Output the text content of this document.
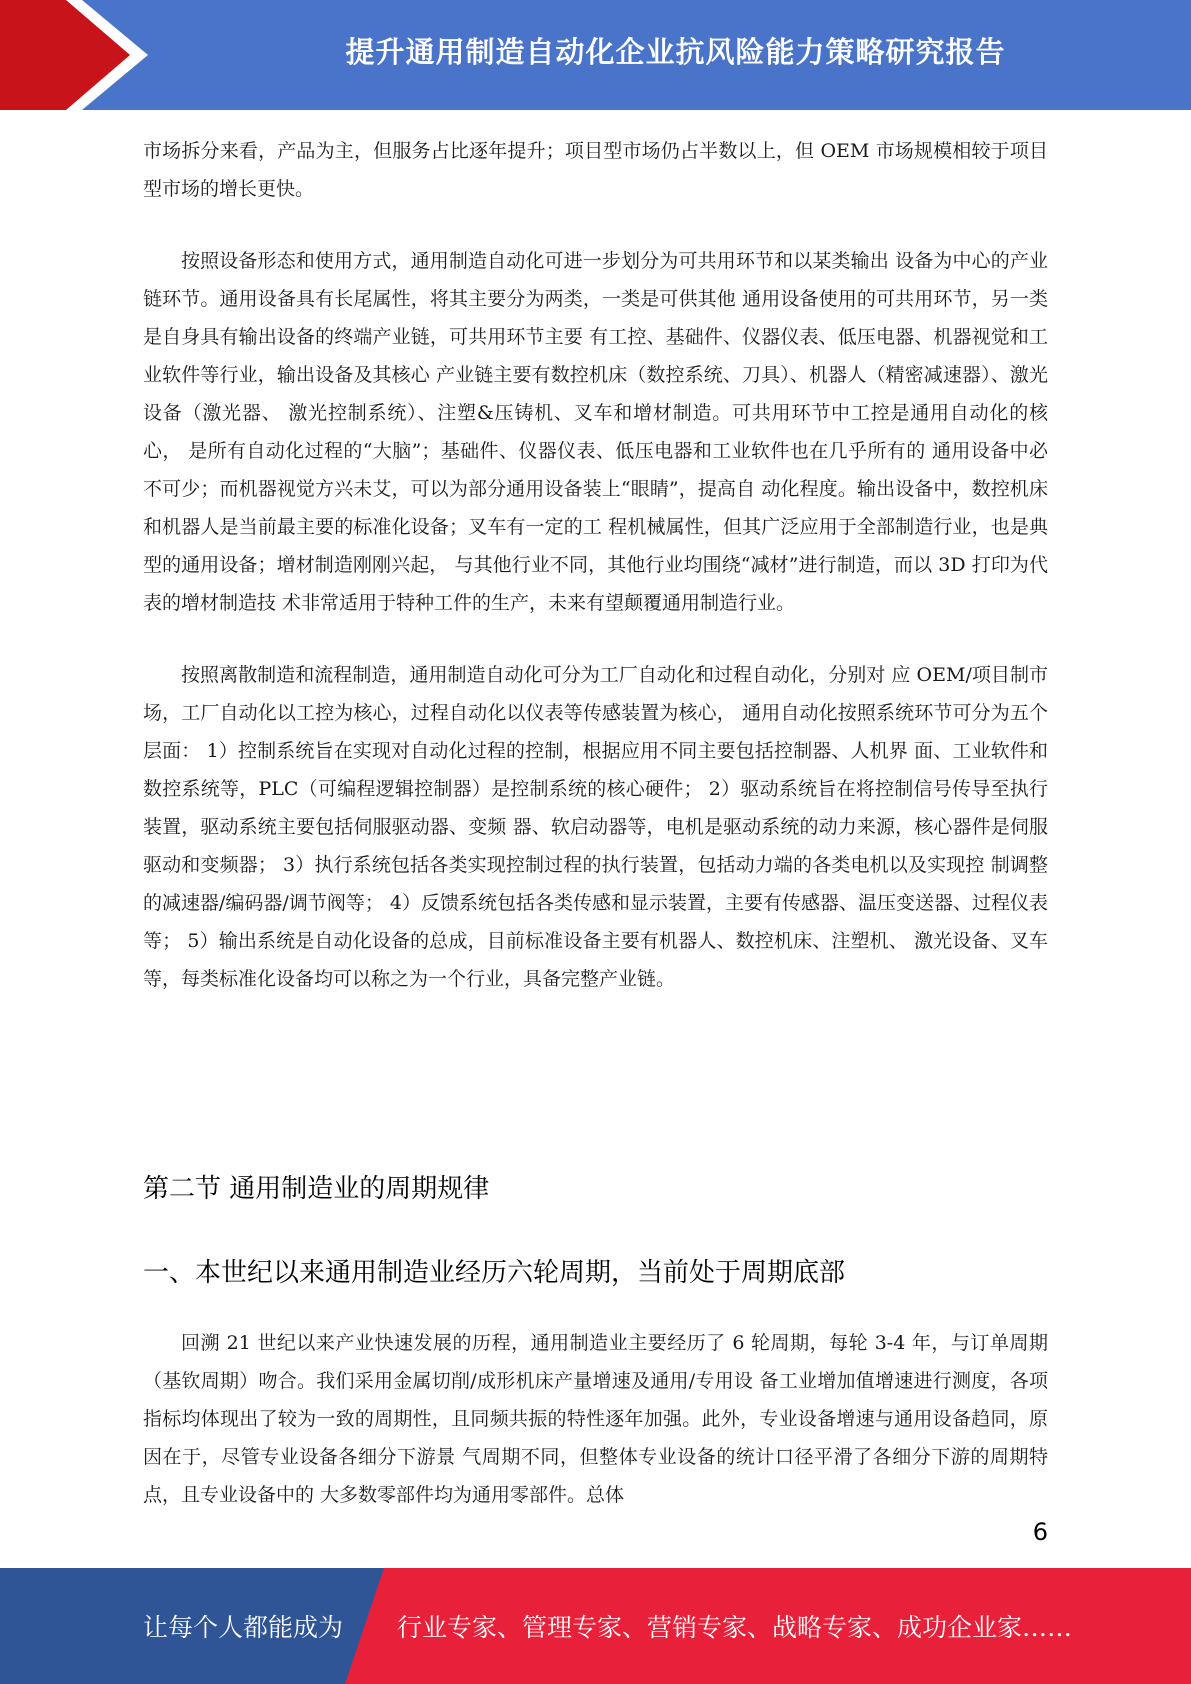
提升通用制造自动化企业抗风险能力策略研究报告

市场拆分来看，产品为主，但服务占比逐年提升；项目型市场仍占半数以上，但 OEM 市场规模相较于项目型市场的增长更快。

按照设备形态和使用方式，通用制造自动化可进一步划分为可共用环节和以某类输出 设备为中心的产业链环节。通用设备具有长尾属性，将其主要分为两类，一类是可供其他 通用设备使用的可共用环节，另一类是自身具有输出设备的终端产业链，可共用环节主要 有工控、基础件、仪器仪表、低压电器、机器视觉和工业软件等行业，输出设备及其核心 产业链主要有数控机床（数控系统、刀具）、机器人（精密减速器）、激光设备（激光器、 激光控制系统）、注塑&压铸机、叉车和增材制造。可共用环节中工控是通用自动化的核心， 是所有自动化过程的“大脑”；基础件、仪器仪表、低压电器和工业软件也在几乎所有的 通用设备中必不可少；而机器视觉方兴未艾，可以为部分通用设备装上“眼睛”，提高自 动化程度。输出设备中，数控机床和机器人是当前最主要的标准化设备；叉车有一定的工 程机械属性，但其广泛应用于全部制造行业，也是典型的通用设备；增材制造刚刚兴起， 与其他行业不同，其他行业均围绕“减材”进行制造，而以 3D 打印为代表的增材制造技 术非常适用于特种工件的生产，未来有望颠覆通用制造行业。

按照离散制造和流程制造，通用制造自动化可分为工厂自动化和过程自动化，分别对 应 OEM/项目制市场，工厂自动化以工控为核心，过程自动化以仪表等传感装置为核心， 通用自动化按照系统环节可分为五个层面： 1）控制系统旨在实现对自动化过程的控制，根据应用不同主要包括控制器、人机界 面、工业软件和数控系统等，PLC（可编程逻辑控制器）是控制系统的核心硬件； 2）驱动系统旨在将控制信号传导至执行装置，驱动系统主要包括伺服驱动器、变频 器、软启动器等，电机是驱动系统的动力来源，核心器件是伺服驱动和变频器； 3）执行系统包括各类实现控制过程的执行装置，包括动力端的各类电机以及实现控 制调整的减速器/编码器/调节阀等； 4）反馈系统包括各类传感和显示装置，主要有传感器、温压变送器、过程仪表等； 5）输出系统是自动化设备的总成，目前标准设备主要有机器人、数控机床、注塑机、 激光设备、叉车等，每类标准化设备均可以称之为一个行业，具备完整产业链。

第二节 通用制造业的周期规律
一、本世纪以来通用制造业经历六轮周期，当前处于周期底部

回溯 21 世纪以来产业快速发展的历程，通用制造业主要经历了 6 轮周期，每轮 3-4 年，与订单周期（基钦周期）吻合。我们采用金属切削/成形机床产量增速及通用/专用设 备工业增加值增速进行测度，各项指标均体现出了较为一致的周期性，且同频共振的特性逐年加强。此外，专业设备增速与通用设备趋同，原因在于，尽管专业设备各细分下游景 气周期不同，但整体专业设备的统计口径平滑了各细分下游的周期特点，且专业设备中的 大多数零部件均为通用零部件。总体

6
让每个人都能成为 行业专家、管理专家、营销专家、战略专家、成功企业家……
